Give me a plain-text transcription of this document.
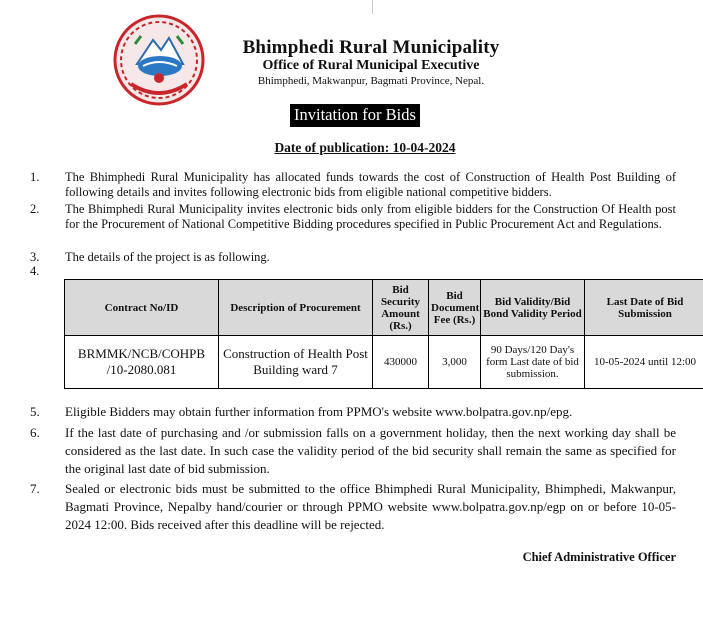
Bhimphedi Rural Municipality
Office of Rural Municipal Executive
Bhimphedi, Makwanpur, Bagmati Province, Nepal.
Invitation for Bids
Date of publication: 10-04-2024
1. The Bhimphedi Rural Municipality has allocated funds towards the cost of Construction of Health Post Building of following details and invites following electronic bids from eligible national competitive bidders.
2. The Bhimphedi Rural Municipality invites electronic bids only from eligible bidders for the Construction Of Health post for the Procurement of National Competitive Bidding procedures specified in Public Procurement Act and Regulations.
3. The details of the project is as following.
4.
Contract No/ID	Description of Procurement	Bid Security Amount (Rs.)	Bid Document Fee (Rs.)	Bid Validity/Bid Bond Validity Period	Last Date of Bid Submission
BRMMK/NCB/COHPB /10-2080.081	Construction of Health Post Building ward 7	430000	3,000	90 Days/120 Day's form Last date of bid submission.	10-05-2024 until 12:00
5. Eligible Bidders may obtain further information from PPMO's website www.bolpatra.gov.np/epg.
6. If the last date of purchasing and /or submission falls on a government holiday, then the next working day shall be considered as the last date. In such case the validity period of the bid security shall remain the same as specified for the original last date of bid submission.
7. Sealed or electronic bids must be submitted to the office Bhimphedi Rural Municipality, Bhimphedi, Makwanpur, Bagmati Province, Nepalby hand/courier or through PPMO website www.bolpatra.gov.np/egp on or before 10-05- 2024 12:00. Bids received after this deadline will be rejected.
Chief Administrative Officer
